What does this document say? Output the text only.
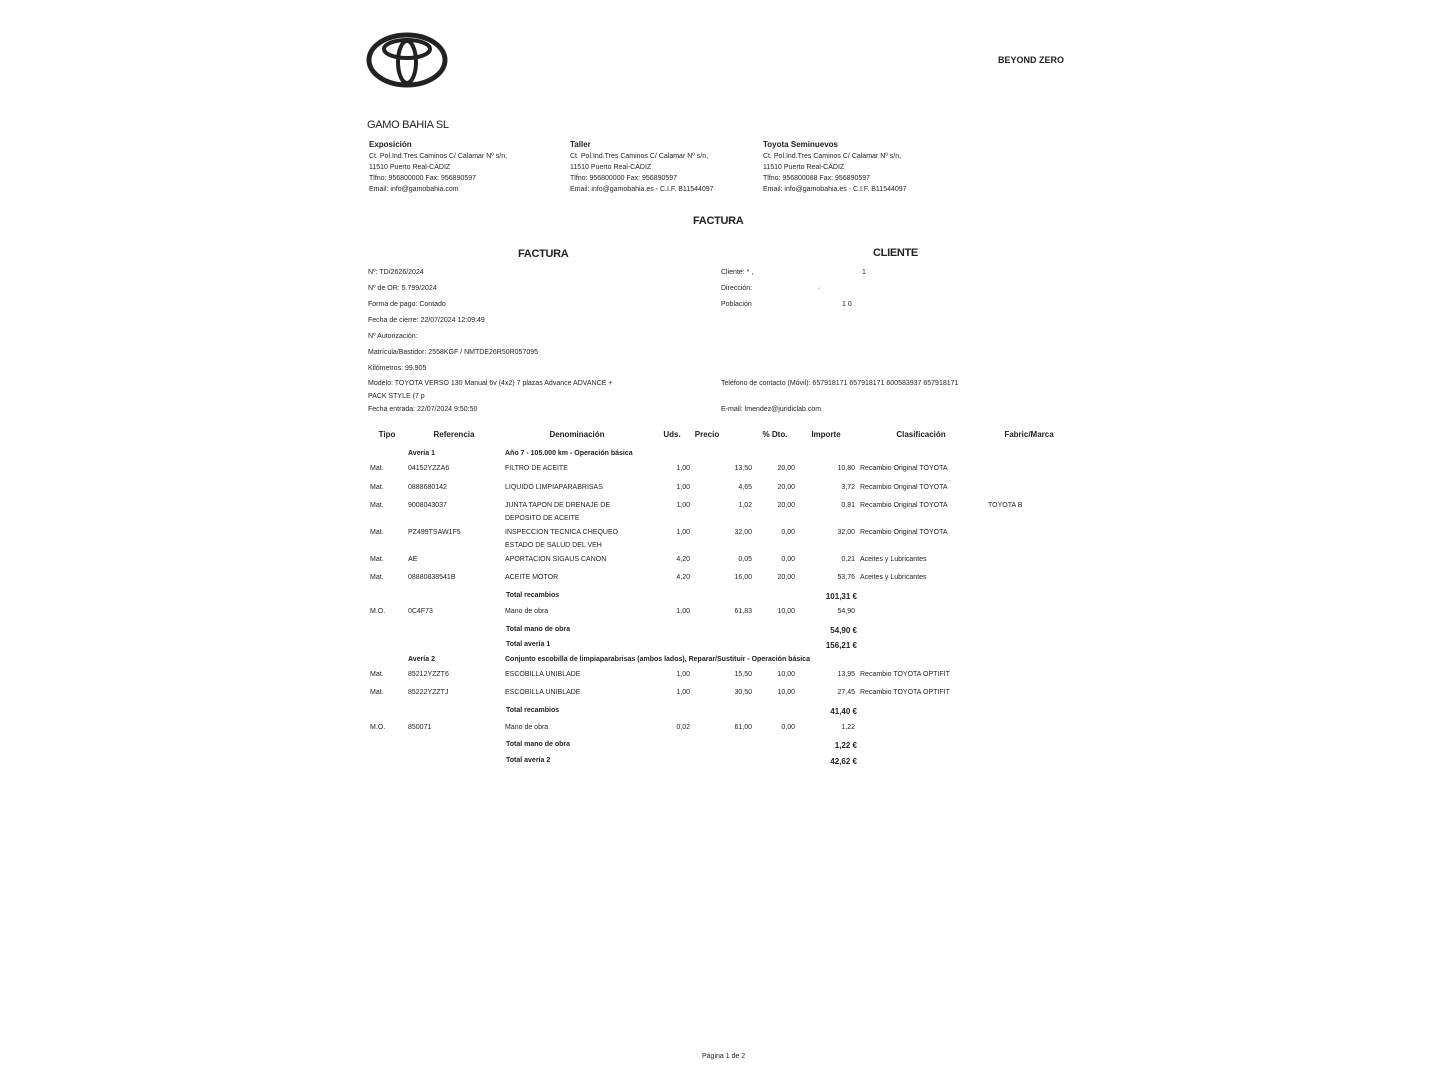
BEYOND ZERO
GAMO BAHIA SL
Exposición
Ct. Pol.Ind.Tres Caminos C/ Calamar Nº s/n,
11510 Puerto Real-CÁDIZ
Tlfno: 956800000 Fax: 956890597
Email: info@gamobahia.com
Taller
Ct. Pol.Ind.Tres Caminos C/ Calamar Nº s/n,
11510 Puerto Real-CÁDIZ
Tlfno: 956800000 Fax: 956890597
Email: info@gamobahia.es - C.I.F. B11544097
Toyota Seminuevos
Ct. Pol.Ind.Tres Caminos C/ Calamar Nº s/n,
11510 Puerto Real-CÁDIZ
Tlfno: 956800088 Fax: 956890597
Email: info@gamobahia.es - C.I.F. B11544097
FACTURA
FACTURA
Nº: TD/2626/2024
Nº de OR: 5.799/2024
Forma de pago: Contado
Fecha de cierre: 22/07/2024 12:09:49
Nº Autorización:
Matrícula/Bastidor: 2558KGF / NMTDE26R50R057095
Kilómetros: 99.905
Modelo: TOYOTA VERSO 130 Manual 6v (4x2) 7 plazas Advance ADVANCE +
PACK STYLE (7 p
Fecha entrada: 22/07/2024 9:50:50
CLIENTE
Cliente: * ,	1
Dirección:	·
Población	1 0
Teléfono de contacto (Móvil): 657918171 657918171 600583937 657918171
E-mail: lmendez@juridiclab.com
Tipo	Referencia	Denominación	Uds.	Precio	% Dto.	Importe	Clasificación	Fabric/Marca
Avería 1	Año 7 - 105.000 km - Operación básica
Mat.	04152YZZA6	FILTRO DE ACEITE	1,00	13,50	20,00	10,80 Recambio Original TOYOTA
Mat.	0888680142	LIQUIDO LIMPIAPARABRISAS	1,00	4,65	20,00	3,72 Recambio Original TOYOTA
Mat.	9008043037	JUNTA TAPON DE DRENAJE DE
DEPOSITO DE ACEITE
1,00	1,02	20,00	0,81 Recambio Original TOYOTA	TOYOTA B
Mat.	PZ499TSAW1F5	INSPECCION TECNICA CHEQUEO
ESTADO DE SALUD DEL VEH
1,00	32,00	0,00	32,00 Recambio Original TOYOTA
Mat.	AE	APORTACION SIGAUS CANON	4,20	0,05	0,00	0,21 Aceites y Lubricantes
Mat.	08880838541B	ACEITE MOTOR	4,20	16,00	20,00	53,76 Aceites y Lubricantes
Total recambios	101,31 €
M.O.	0C4F73	Mano de obra	1,00	61,83	10,00	54,90
Total mano de obra	54,90 €
Total avería 1	156,21 €
Avería 2	Conjunto escobilla de limpiaparabrisas (ambos lados), Reparar/Sustituir - Operación básica
Mat.	85212YZZT6	ESCOBILLA UNIBLADE	1,00	15,50	10,00	13,95 Recambio TOYOTA OPTIFIT
Mat.	85222YZZTJ	ESCOBILLA UNIBLADE	1,00	30,50	10,00	27,45 Recambio TOYOTA OPTIFIT
Total recambios	41,40 €
M.O.	850071	Mano de obra	0,02	61,00	0,00	1,22
Total mano de obra	1,22 €
Total avería 2	42,62 €
Página 1 de 2
